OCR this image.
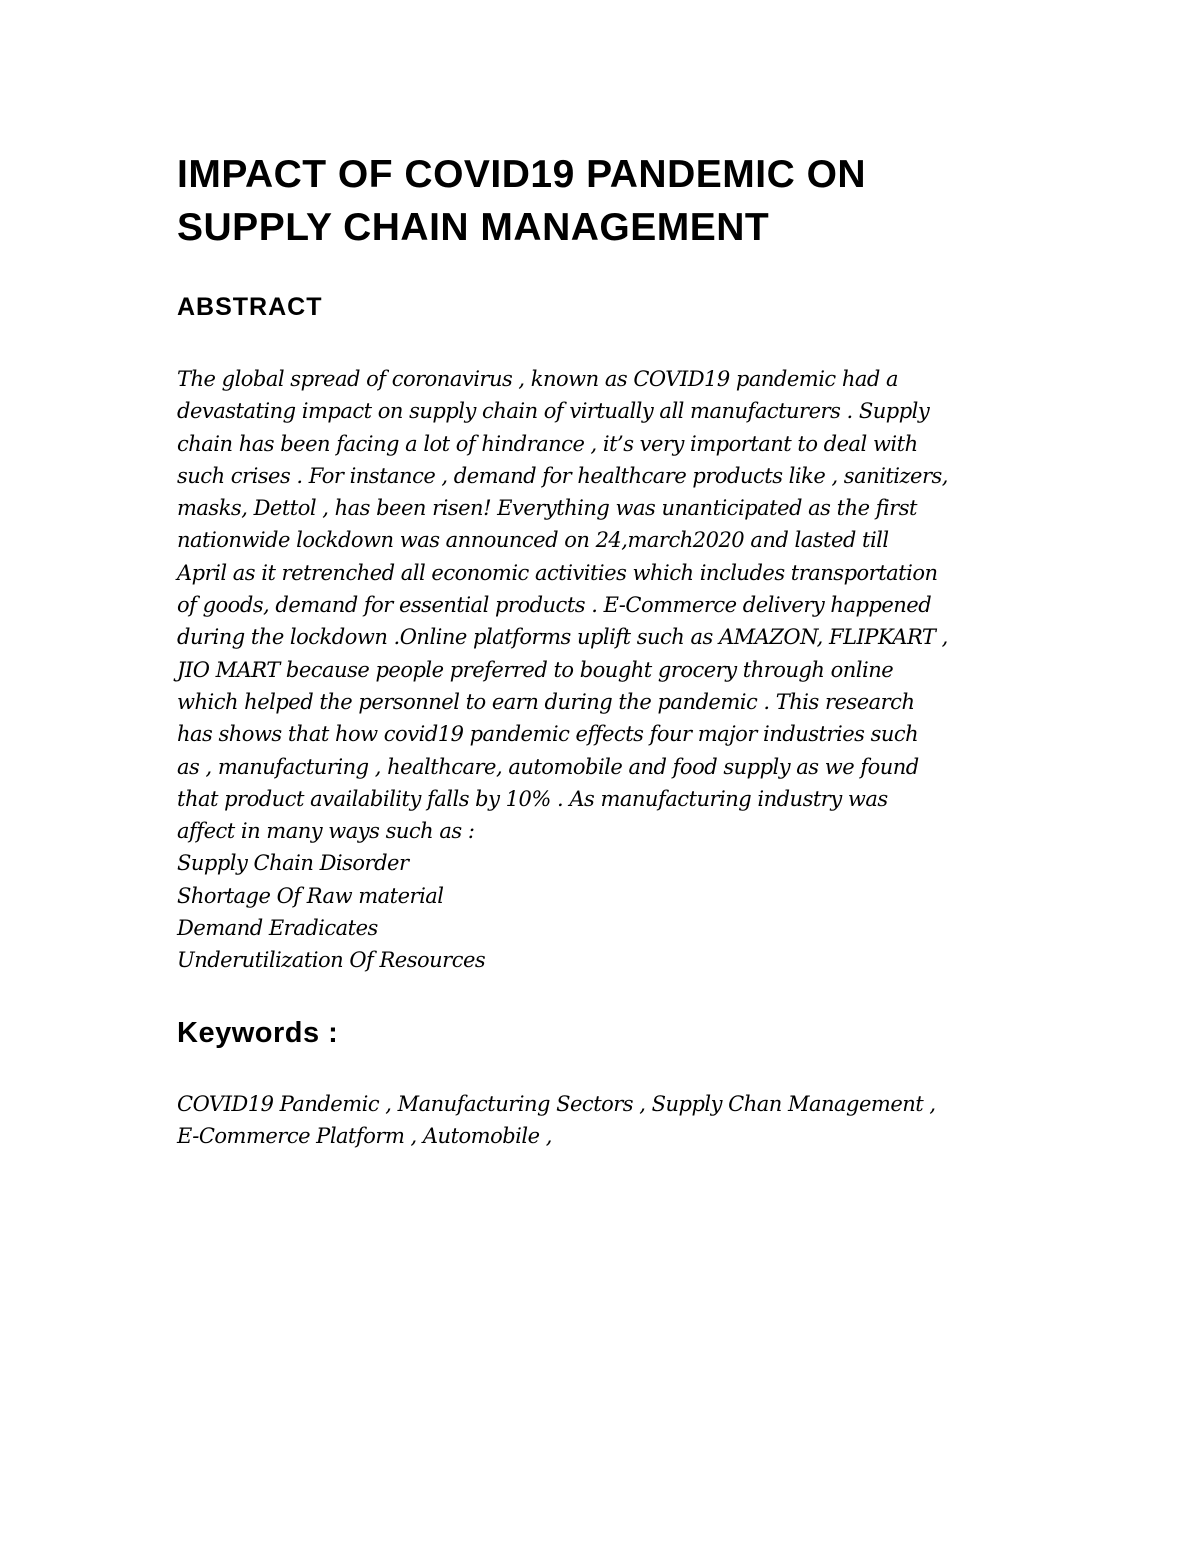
IMPACT OF COVID19 PANDEMIC ON
SUPPLY CHAIN MANAGEMENT
ABSTRACT
The global spread of coronavirus , known as COVID19 pandemic had a
devastating impact on supply chain of virtually all manufacturers . Supply
chain has been facing a lot of hindrance , it’s very important to deal with
such crises . For instance , demand for healthcare products like , sanitizers,
masks, Dettol , has been risen! Everything was unanticipated as the first
nationwide lockdown was announced on 24,march2020 and lasted till
April as it retrenched all economic activities which includes transportation
of goods, demand for essential products . E-Commerce delivery happened
during the lockdown .Online platforms uplift such as AMAZON, FLIPKART ,
JIO MART because people preferred to bought grocery through online
which helped the personnel to earn during the pandemic . This research
has shows that how covid19 pandemic effects four major industries such
as , manufacturing , healthcare, automobile and food supply as we found
that product availability falls by 10% . As manufacturing industry was
affect in many ways such as :
Supply Chain Disorder
Shortage Of Raw material
Demand Eradicates
Underutilization Of Resources
Keywords :
COVID19 Pandemic , Manufacturing Sectors , Supply Chan Management ,
E-Commerce Platform , Automobile ,
